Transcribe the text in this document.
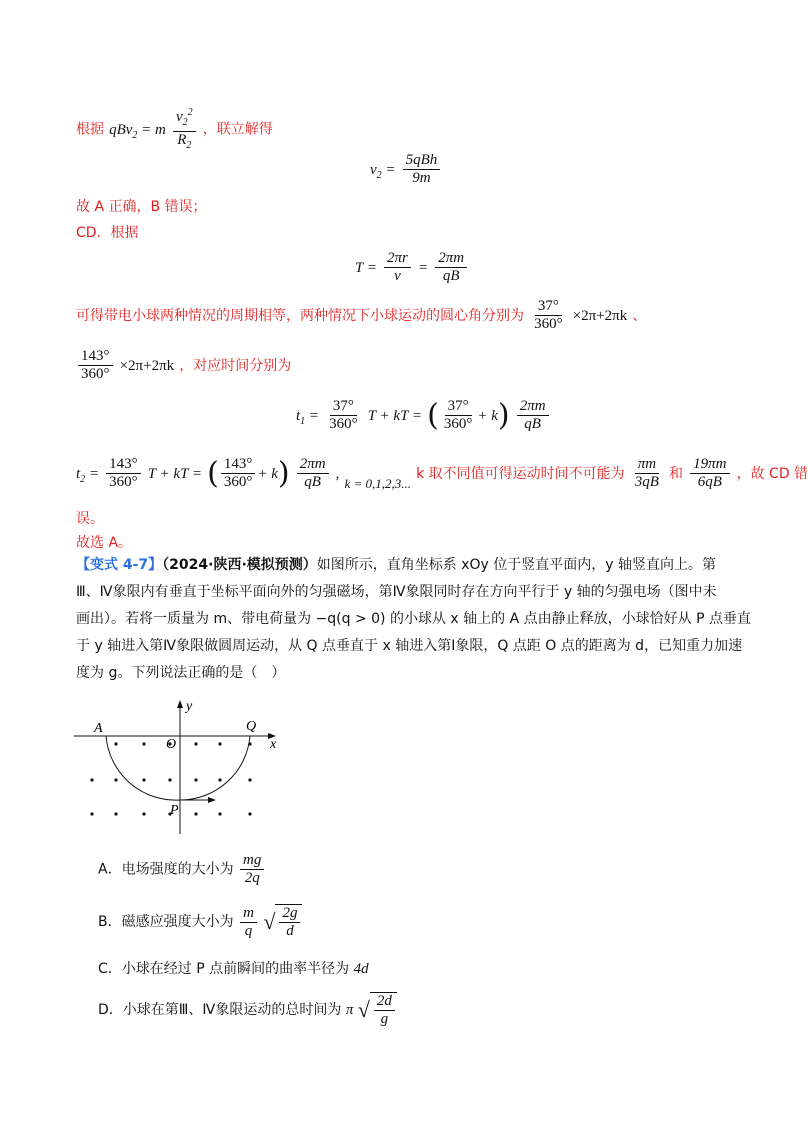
根据 qBv$_2$ = m $\frac{v_2^2}{R_2}$ ，联立解得
$v_2 = \frac{\text{5qBh}}{9m}$
故 A 正确，B 错误；
CD．根据
$T = \frac{2\pi r}{v} = \frac{2\pi m}{qB}$
可得带电小球两种情况的周期相等，两种情况下小球运动的圆心角分别为 $\frac{37^\circ}{360^\circ} \times 2\pi+2\pi k$ 、
$\frac{143^\circ}{360^\circ} \times 2\pi+2\pi k$ ，对应时间分别为
$t_1 = \frac{37^\circ}{360^\circ}$ T + kT = ( $\frac{37^\circ}{360^\circ} + k) \frac{2\pi m}{qB}$
$t_2 = \frac{143^\circ}{360^\circ}$ T + kT = ( $\frac{143^\circ}{360^\circ} + k) \frac{2\pi m}{qB}$ , $_{k = 0,1,2,3...}$ k 取不同值可得运动时间不可能为 $\frac{\pi m}{3qB}$ 和 $\frac{19\pi m}{6qB}$ ，故 CD 错
误。
故选 A。
【变式 4-7】（2024·陕西·模拟预测）如图所示，直角坐标系 xOy 位于竖直平面内，y 轴竖直向上。第
Ⅲ、Ⅳ象限内有垂直于坐标平面向外的匀强磁场，第Ⅳ象限同时存在方向平行于 y 轴的匀强电场（图中未
画出）。若将一质量为 m、带电荷量为 −q(q > 0) 的小球从 x 轴上的 A 点由静止释放，小球恰好从 P 点垂直
于 y 轴进入第Ⅳ象限做圆周运动，从 Q 点垂直于 x 轴进入第Ⅰ象限，Q 点距 O 点的距离为 d，已知重力加速
度为 g。下列说法正确的是（　）
A
O
Q
P
x
y
A．电场强度的大小为 $\frac{mg}{2q}$
B．磁感应强度大小为 $\frac{m}{q}$
√ $\frac{2g}{d}$
C．小球在经过 P 点前瞬间的曲率半径为 4d
D．小球在第Ⅲ、Ⅳ象限运动的总时间为 π √ $\frac{2d}{g}$
